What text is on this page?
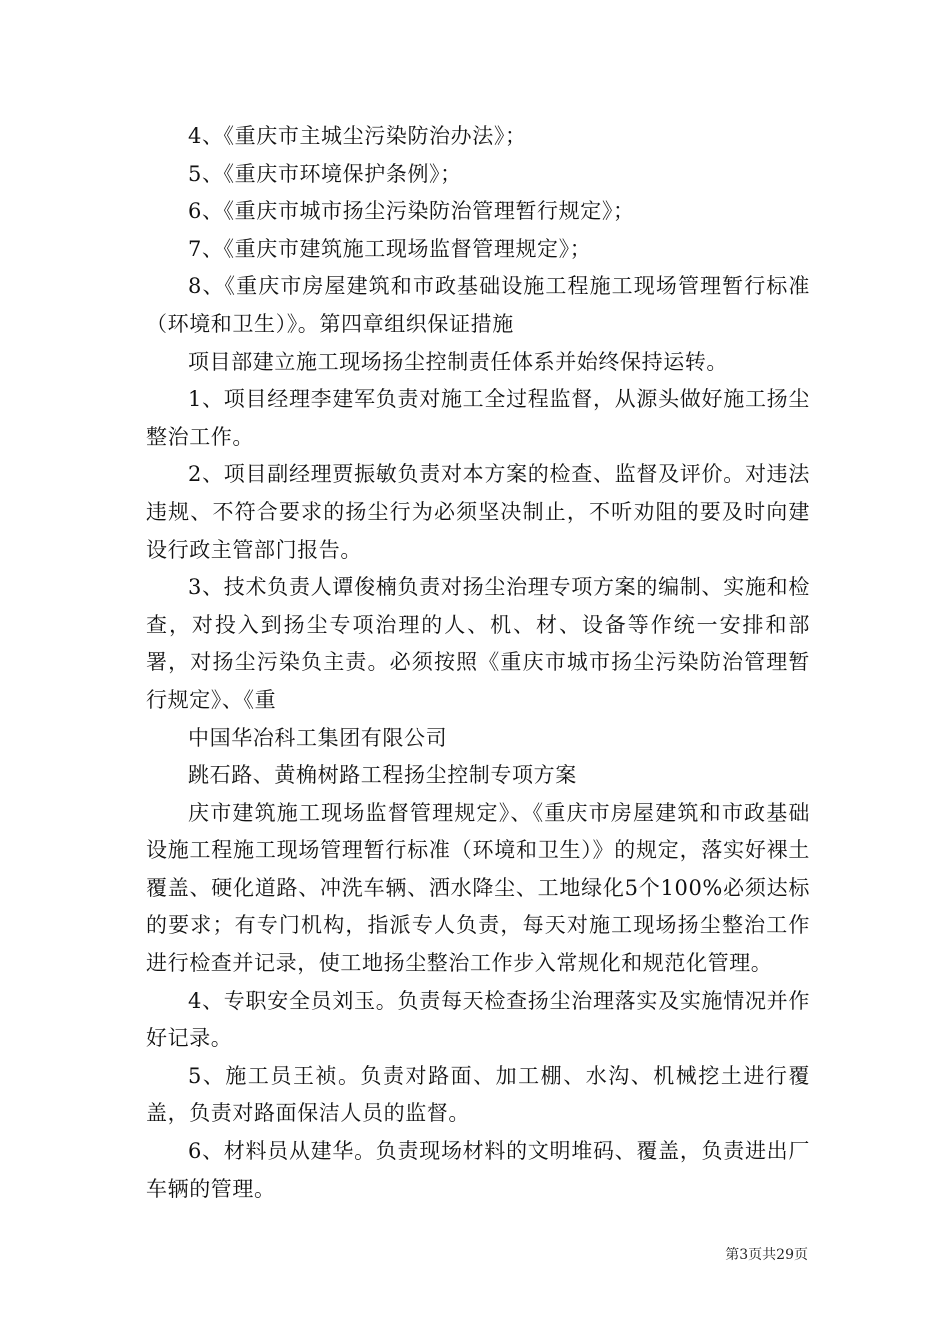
4、《重庆市主城尘污染防治办法》；

5、《重庆市环境保护条例》；

6、《重庆市城市扬尘污染防治管理暂行规定》；

7、《重庆市建筑施工现场监督管理规定》；

8、《重庆市房屋建筑和市政基础设施工程施工现场管理暂行标准（环境和卫生）》。第四章组织保证措施

项目部建立施工现场扬尘控制责任体系并始终保持运转。

1、项目经理李建军负责对施工全过程监督，从源头做好施工扬尘整治工作。

2、项目副经理贾振敏负责对本方案的检查、监督及评价。对违法违规、不符合要求的扬尘行为必须坚决制止，不听劝阻的要及时向建设行政主管部门报告。

3、技术负责人谭俊楠负责对扬尘治理专项方案的编制、实施和检查，对投入到扬尘专项治理的人、机、材、设备等作统一安排和部署，对扬尘污染负主责。必须按照《重庆市城市扬尘污染防治管理暂行规定》、《重

中国华冶科工集团有限公司

跳石路、黄桷树路工程扬尘控制专项方案

庆市建筑施工现场监督管理规定》、《重庆市房屋建筑和市政基础设施工程施工现场管理暂行标准（环境和卫生）》的规定，落实好裸土覆盖、硬化道路、冲洗车辆、洒水降尘、工地绿化5个100%必须达标的要求；有专门机构，指派专人负责，每天对施工现场扬尘整治工作进行检查并记录，使工地扬尘整治工作步入常规化和规范化管理。

4、专职安全员刘玉。负责每天检查扬尘治理落实及实施情况并作好记录。

5、施工员王祯。负责对路面、加工棚、水沟、机械挖土进行覆盖，负责对路面保洁人员的监督。

6、材料员从建华。负责现场材料的文明堆码、覆盖，负责进出厂车辆的管理。

第3页共29页
